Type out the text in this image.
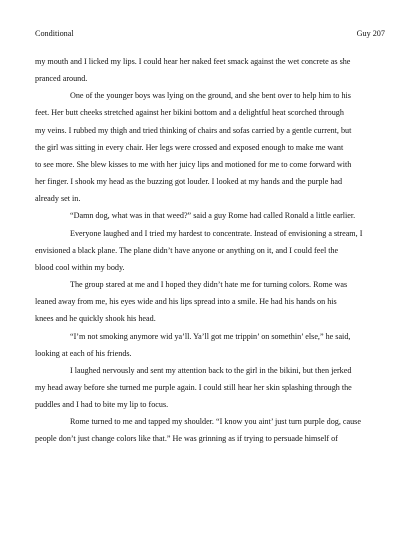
Conditional	Guy 207

my mouth and I licked my lips. I could hear her naked feet smack against the wet concrete as she
pranced around.

One of the younger boys was lying on the ground, and she bent over to help him to his

feet. Her butt cheeks stretched against her bikini bottom and a delightful heat scorched through
my veins. I rubbed my thigh and tried thinking of chairs and sofas carried by a gentle current, but
the girl was sitting in every chair. Her legs were crossed and exposed enough to make me want
to see more. She blew kisses to me with her juicy lips and motioned for me to come forward with
her finger. I shook my head as the buzzing got louder. I looked at my hands and the purple had
already set in.

“Damn dog, what was in that weed?” said a guy Rome had called Ronald a little earlier.

Everyone laughed and I tried my hardest to concentrate. Instead of envisioning a stream, I

envisioned a black plane. The plane didn’t have anyone or anything on it, and I could feel the
blood cool within my body.

The group stared at me and I hoped they didn’t hate me for turning colors. Rome was

leaned away from me, his eyes wide and his lips spread into a smile. He had his hands on his
knees and he quickly shook his head.

“I’m not smoking anymore wid ya’ll. Ya’ll got me trippin’ on somethin’ else,” he said,

looking at each of his friends.

I laughed nervously and sent my attention back to the girl in the bikini, but then jerked

my head away before she turned me purple again. I could still hear her skin splashing through the
puddles and I had to bite my lip to focus.

Rome turned to me and tapped my shoulder. “I know you aint’ just turn purple dog, cause

people don’t just change colors like that.” He was grinning as if trying to persuade himself of
